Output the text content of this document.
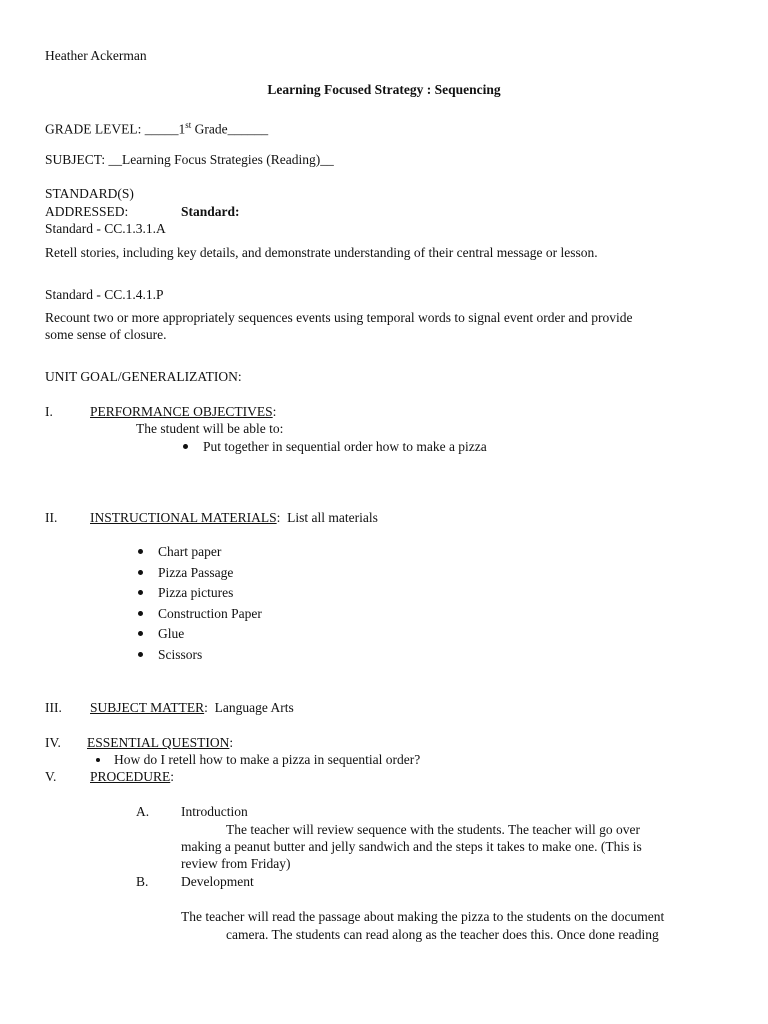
Heather Ackerman
Learning Focused Strategy : Sequencing
GRADE LEVEL: _____1st Grade______
SUBJECT: __Learning Focus Strategies (Reading)__
STANDARD(S)
ADDRESSED:	Standard:
Standard - CC.1.3.1.A
Retell stories, including key details, and demonstrate understanding of their central message or lesson.
Standard - CC.1.4.1.P
Recount two or more appropriately sequences events using temporal words to signal event order and provide
some sense of closure.
UNIT GOAL/GENERALIZATION:
I.	PERFORMANCE OBJECTIVES:
The student will be able to:
Put together in sequential order how to make a pizza
II. INSTRUCTIONAL MATERIALS:  List all materials
Chart paper
Pizza Passage
Pizza pictures
Construction Paper
Glue
Scissors
III. SUBJECT MATTER:  Language Arts
IV. ESSENTIAL QUESTION:
How do I retell how to make a pizza in sequential order?
V. PROCEDURE:
A. Introduction
The teacher will review sequence with the students. The teacher will go over
making a peanut butter and jelly sandwich and the steps it takes to make one. (This is
review from Friday)
B. Development
The teacher will read the passage about making the pizza to the students on the document
camera. The students can read along as the teacher does this. Once done reading
